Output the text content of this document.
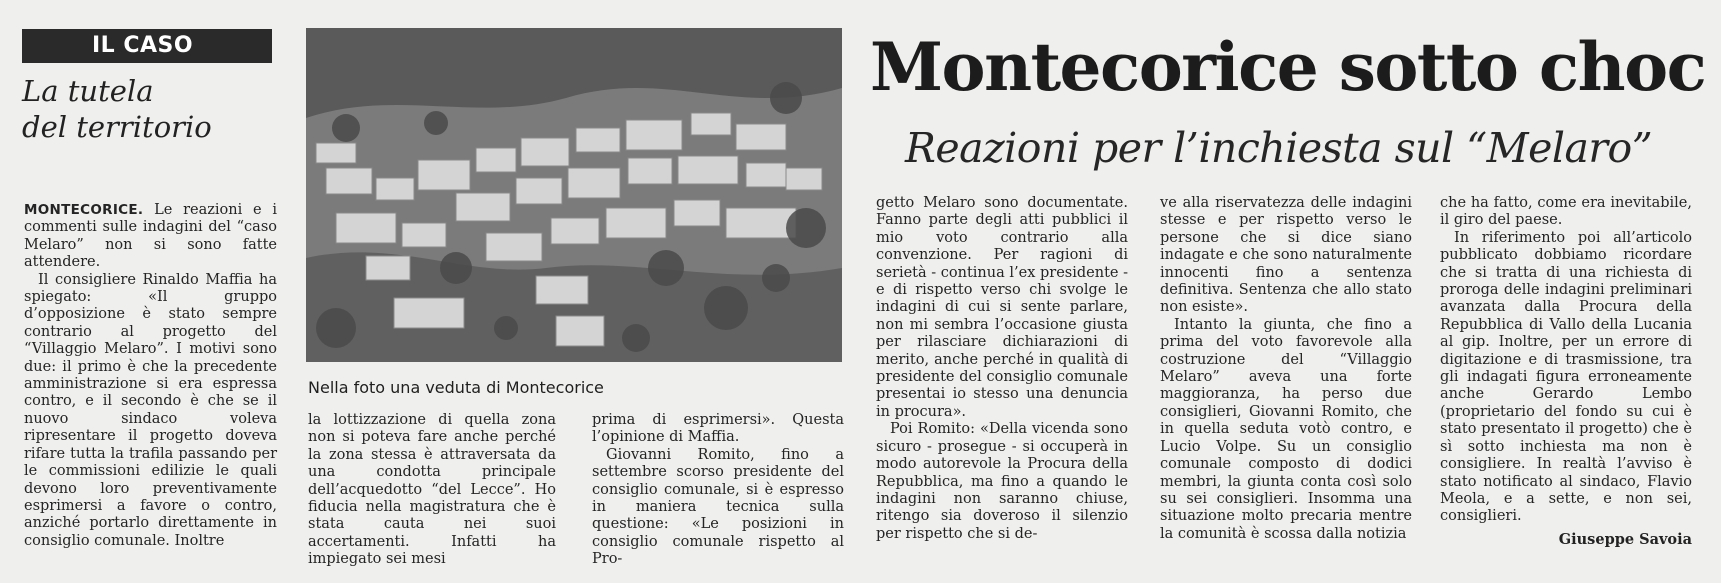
IL CASO
La tutela
del territorio
Nella foto una veduta di Montecorice
Montecorice sotto choc
Reazioni per l’inchiesta sul “Melaro”

MONTECORICE. Le reazioni e i commenti sulle indagini del “caso Melaro” non si sono fatte attendere.

Il consigliere Rinaldo Maffia ha spiegato: «Il gruppo d’opposizione è stato sempre contrario al progetto del “Villaggio Melaro”. I motivi sono due: il primo è che la precedente amministrazione si era espressa contro, e il secondo è che se il nuovo sindaco voleva ripresentare il progetto doveva rifare tutta la trafila passando per le commissioni edilizie le quali devono loro preventivamente esprimersi a favore o contro, anziché portarlo direttamente in consiglio comunale. Inoltre

la lottizzazione di quella zona non si poteva fare anche perché la zona stessa è attraversata da una condotta principale dell’acquedotto “del Lecce”. Ho fiducia nella magistratura che è stata cauta nei suoi accertamenti. Infatti ha impiegato sei mesi

prima di esprimersi». Questa l’opinione di Maffia.

Giovanni Romito, fino a settembre scorso presidente del consiglio comunale, si è espresso in maniera tecnica sulla questione: «Le posizioni in consiglio comunale rispetto al Pro-

getto Melaro sono documentate. Fanno parte degli atti pubblici il mio voto contrario alla convenzione. Per ragioni di serietà - continua l’ex presidente - e di rispetto verso chi svolge le indagini di cui si sente parlare, non mi sembra l’occasione giusta per rilasciare dichiarazioni di merito, anche perché in qualità di presidente del consiglio comunale presentai io stesso una denuncia in procura».

Poi Romito: «Della vicenda sono sicuro - prosegue - si occuperà in modo autorevole la Procura della Repubblica, ma fino a quando le indagini non saranno chiuse, ritengo sia doveroso il silenzio per rispetto che si de-

ve alla riservatezza delle indagini stesse e per rispetto verso le persone che si dice siano indagate e che sono naturalmente innocenti fino a sentenza definitiva. Sentenza che allo stato non esiste».

Intanto la giunta, che fino a prima del voto favorevole alla costruzione del “Villaggio Melaro” aveva una forte maggioranza, ha perso due consiglieri, Giovanni Romito, che in quella seduta votò contro, e Lucio Volpe. Su un consiglio comunale composto di dodici membri, la giunta conta così solo su sei consiglieri. Insomma una situazione molto precaria mentre la comunità è scossa dalla notizia

che ha fatto, come era inevitabile, il giro del paese.

In riferimento poi all’articolo pubblicato dobbiamo ricordare che si tratta di una richiesta di proroga delle indagini preliminari avanzata dalla Procura della Repubblica di Vallo della Lucania al gip. Inoltre, per un errore di digitazione e di trasmissione, tra gli indagati figura erroneamente anche Gerardo Lembo (proprietario del fondo su cui è stato presentato il progetto) che è sì sotto inchiesta ma non è consigliere. In realtà l’avviso è stato notificato al sindaco, Flavio Meola, e a sette, e non sei, consiglieri.

Giuseppe Savoia
